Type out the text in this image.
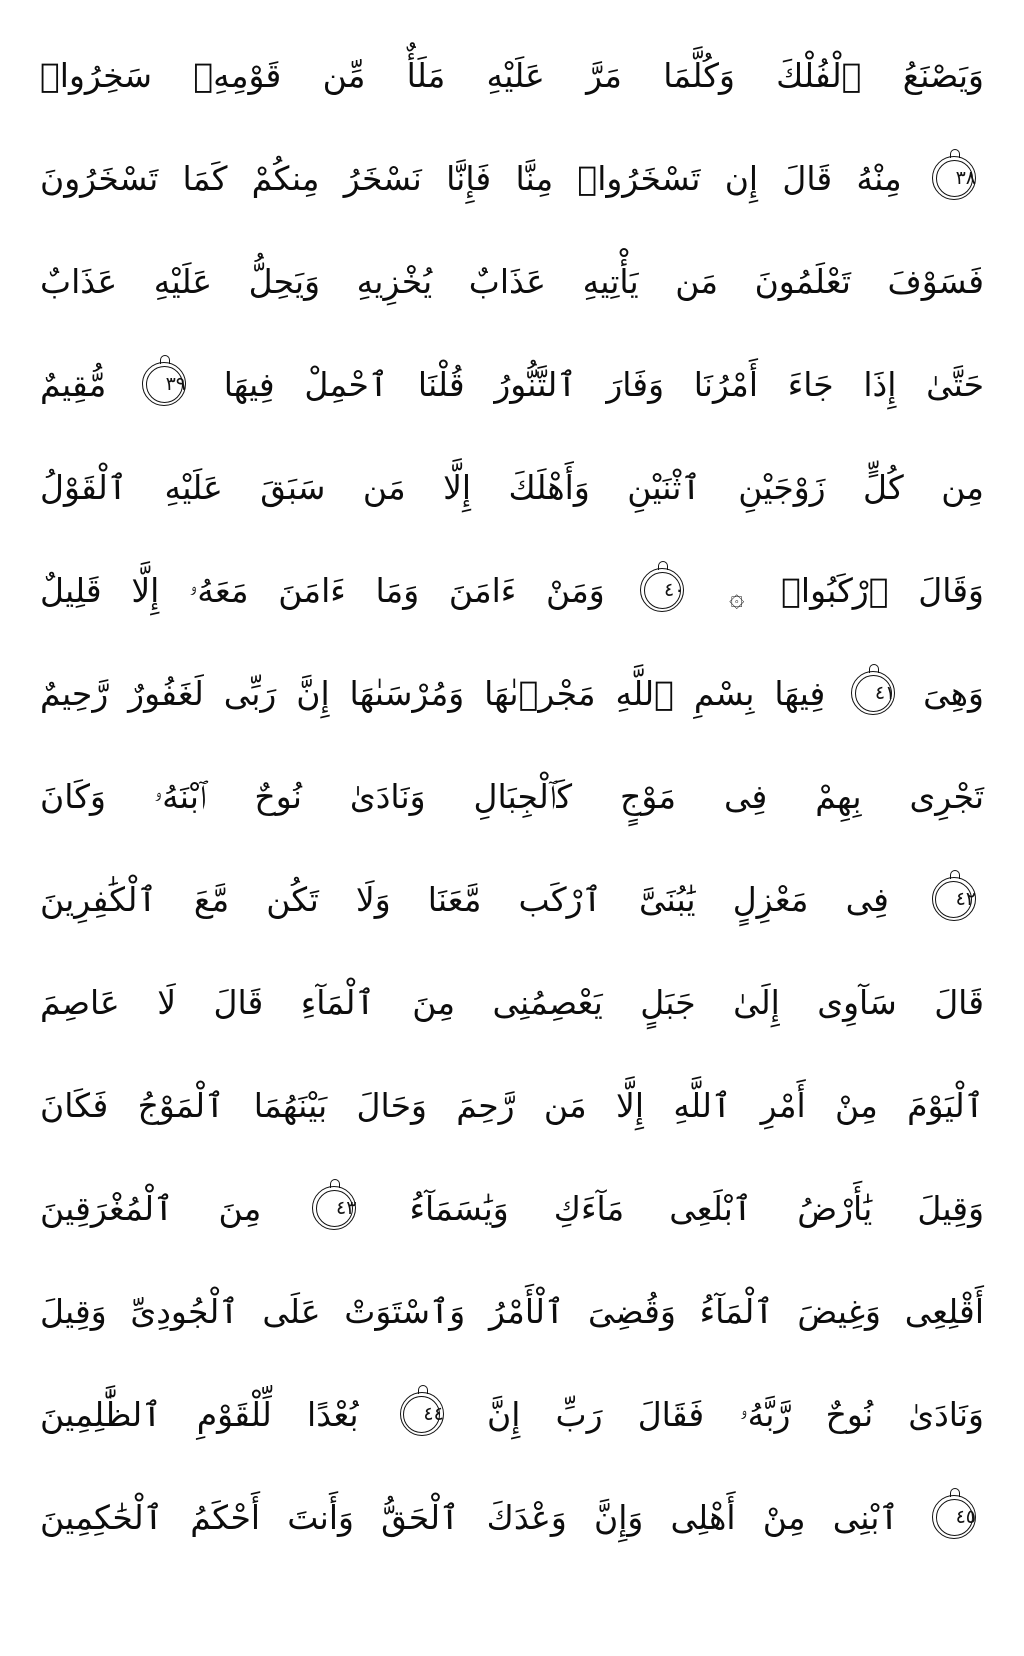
وَيَصْنَعُ ٱلْفُلْكَ وَكُلَّمَا مَرَّ عَلَيْهِ مَلَأٌ مِّن قَوْمِهِۦ سَخِرُوا۟
٣٨
مِنْهُ قَالَ إِن تَسْخَرُوا۟ مِنَّا فَإِنَّا نَسْخَرُ مِنكُمْ كَمَا تَسْخَرُونَ
فَسَوْفَ تَعْلَمُونَ مَن يَأْتِيهِ عَذَابٌ يُخْزِيهِ وَيَحِلُّ عَلَيْهِ عَذَابٌ
حَتَّىٰ إِذَا جَاءَ أَمْرُنَا وَفَارَ ٱلتَّنُّورُ قُلْنَا ٱحْمِلْ فِيهَا
٣٩
مُّقِيمٌ
مِن كُلٍّ زَوْجَيْنِ ٱثْنَيْنِ وَأَهْلَكَ إِلَّا مَن سَبَقَ عَلَيْهِ ٱلْقَوْلُ
وَقَالَ ٱرْكَبُوا۟ ۞
٤٠
وَمَنْ ءَامَنَ وَمَا ءَامَنَ مَعَهُۥ إِلَّا قَلِيلٌ
وَهِىَ
٤١
فِيهَا بِسْمِ ٱللَّهِ مَجْر۪ىٰهَا وَمُرْسَىٰهَا إِنَّ رَبِّى لَغَفُورٌ رَّحِيمٌ
تَجْرِى بِهِمْ فِى مَوْجٍ كَٱلْجِبَالِ وَنَادَىٰ نُوحٌ ٱبْنَهُۥ وَكَانَ
٤٢
فِى مَعْزِلٍ يَٰبُنَىَّ ٱرْكَب مَّعَنَا وَلَا تَكُن مَّعَ ٱلْكَٰفِرِينَ
قَالَ سَآوِى إِلَىٰ جَبَلٍ يَعْصِمُنِى مِنَ ٱلْمَآءِ قَالَ لَا عَاصِمَ
ٱلْيَوْمَ مِنْ أَمْرِ ٱللَّهِ إِلَّا مَن رَّحِمَ وَحَالَ بَيْنَهُمَا ٱلْمَوْجُ فَكَانَ
وَقِيلَ يَٰأَرْضُ ٱبْلَعِى مَآءَكِ وَيَٰسَمَآءُ
٤٣
مِنَ ٱلْمُغْرَقِينَ
أَقْلِعِى وَغِيضَ ٱلْمَآءُ وَقُضِىَ ٱلْأَمْرُ وَٱسْتَوَتْ عَلَى ٱلْجُودِىِّ وَقِيلَ
وَنَادَىٰ نُوحٌ رَّبَّهُۥ فَقَالَ رَبِّ إِنَّ
٤٤
بُعْدًا لِّلْقَوْمِ ٱلظَّٰلِمِينَ
٤٥
ٱبْنِى مِنْ أَهْلِى وَإِنَّ وَعْدَكَ ٱلْحَقُّ وَأَنتَ أَحْكَمُ ٱلْحَٰكِمِينَ
